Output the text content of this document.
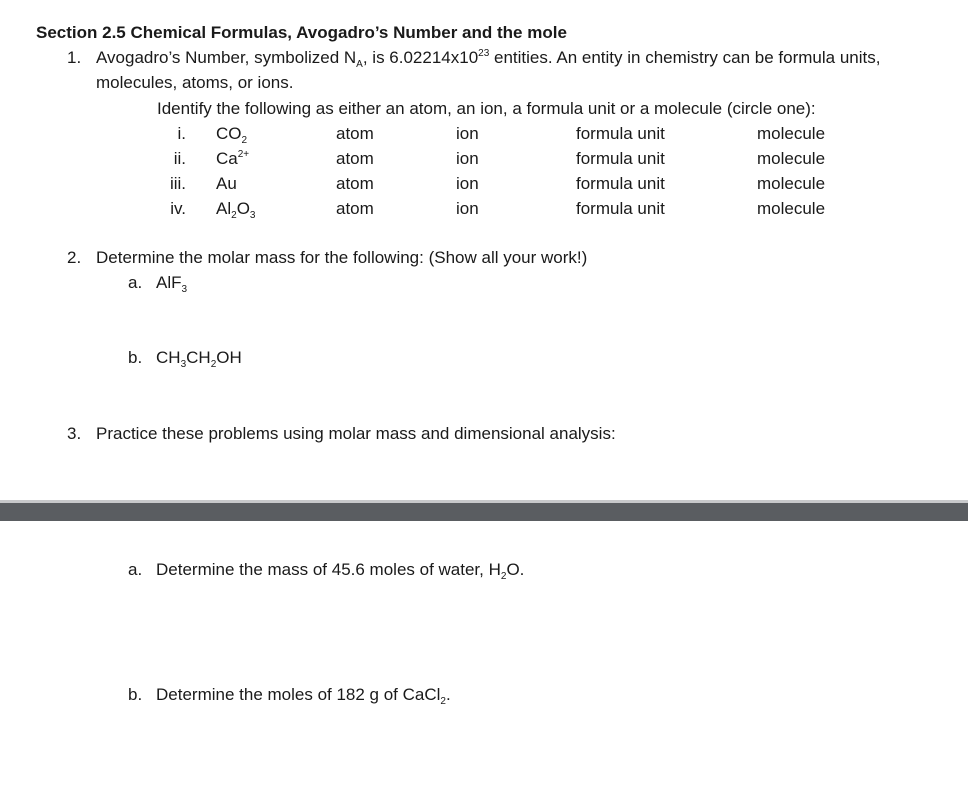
Section 2.5 Chemical Formulas, Avogadro’s Number and the mole
1. Avogadro’s Number, symbolized $N_A$, is $6.02214x10^{23}$ entities. An entity in chemistry can be formula units,
molecules, atoms, or ions.
Identify the following as either an atom, an ion, a formula unit or a molecule (circle one):
i. $CO_2$	atom	ion	formula unit	molecule
ii. $Ca^{2+}$	atom	ion	formula unit	molecule
iii. Au	atom	ion	formula unit	molecule
iv. $Al_2O_3$	atom	ion	formula unit	molecule
2. Determine the molar mass for the following: (Show all your work!)
a. AlF$_3$
b. $CH_3CH_2OH$
3. Practice these problems using molar mass and dimensional analysis:
a. Determine the mass of 45.6 moles of water, $H_2O$.
b. Determine the moles of 182 g of CaCl$_2$.
